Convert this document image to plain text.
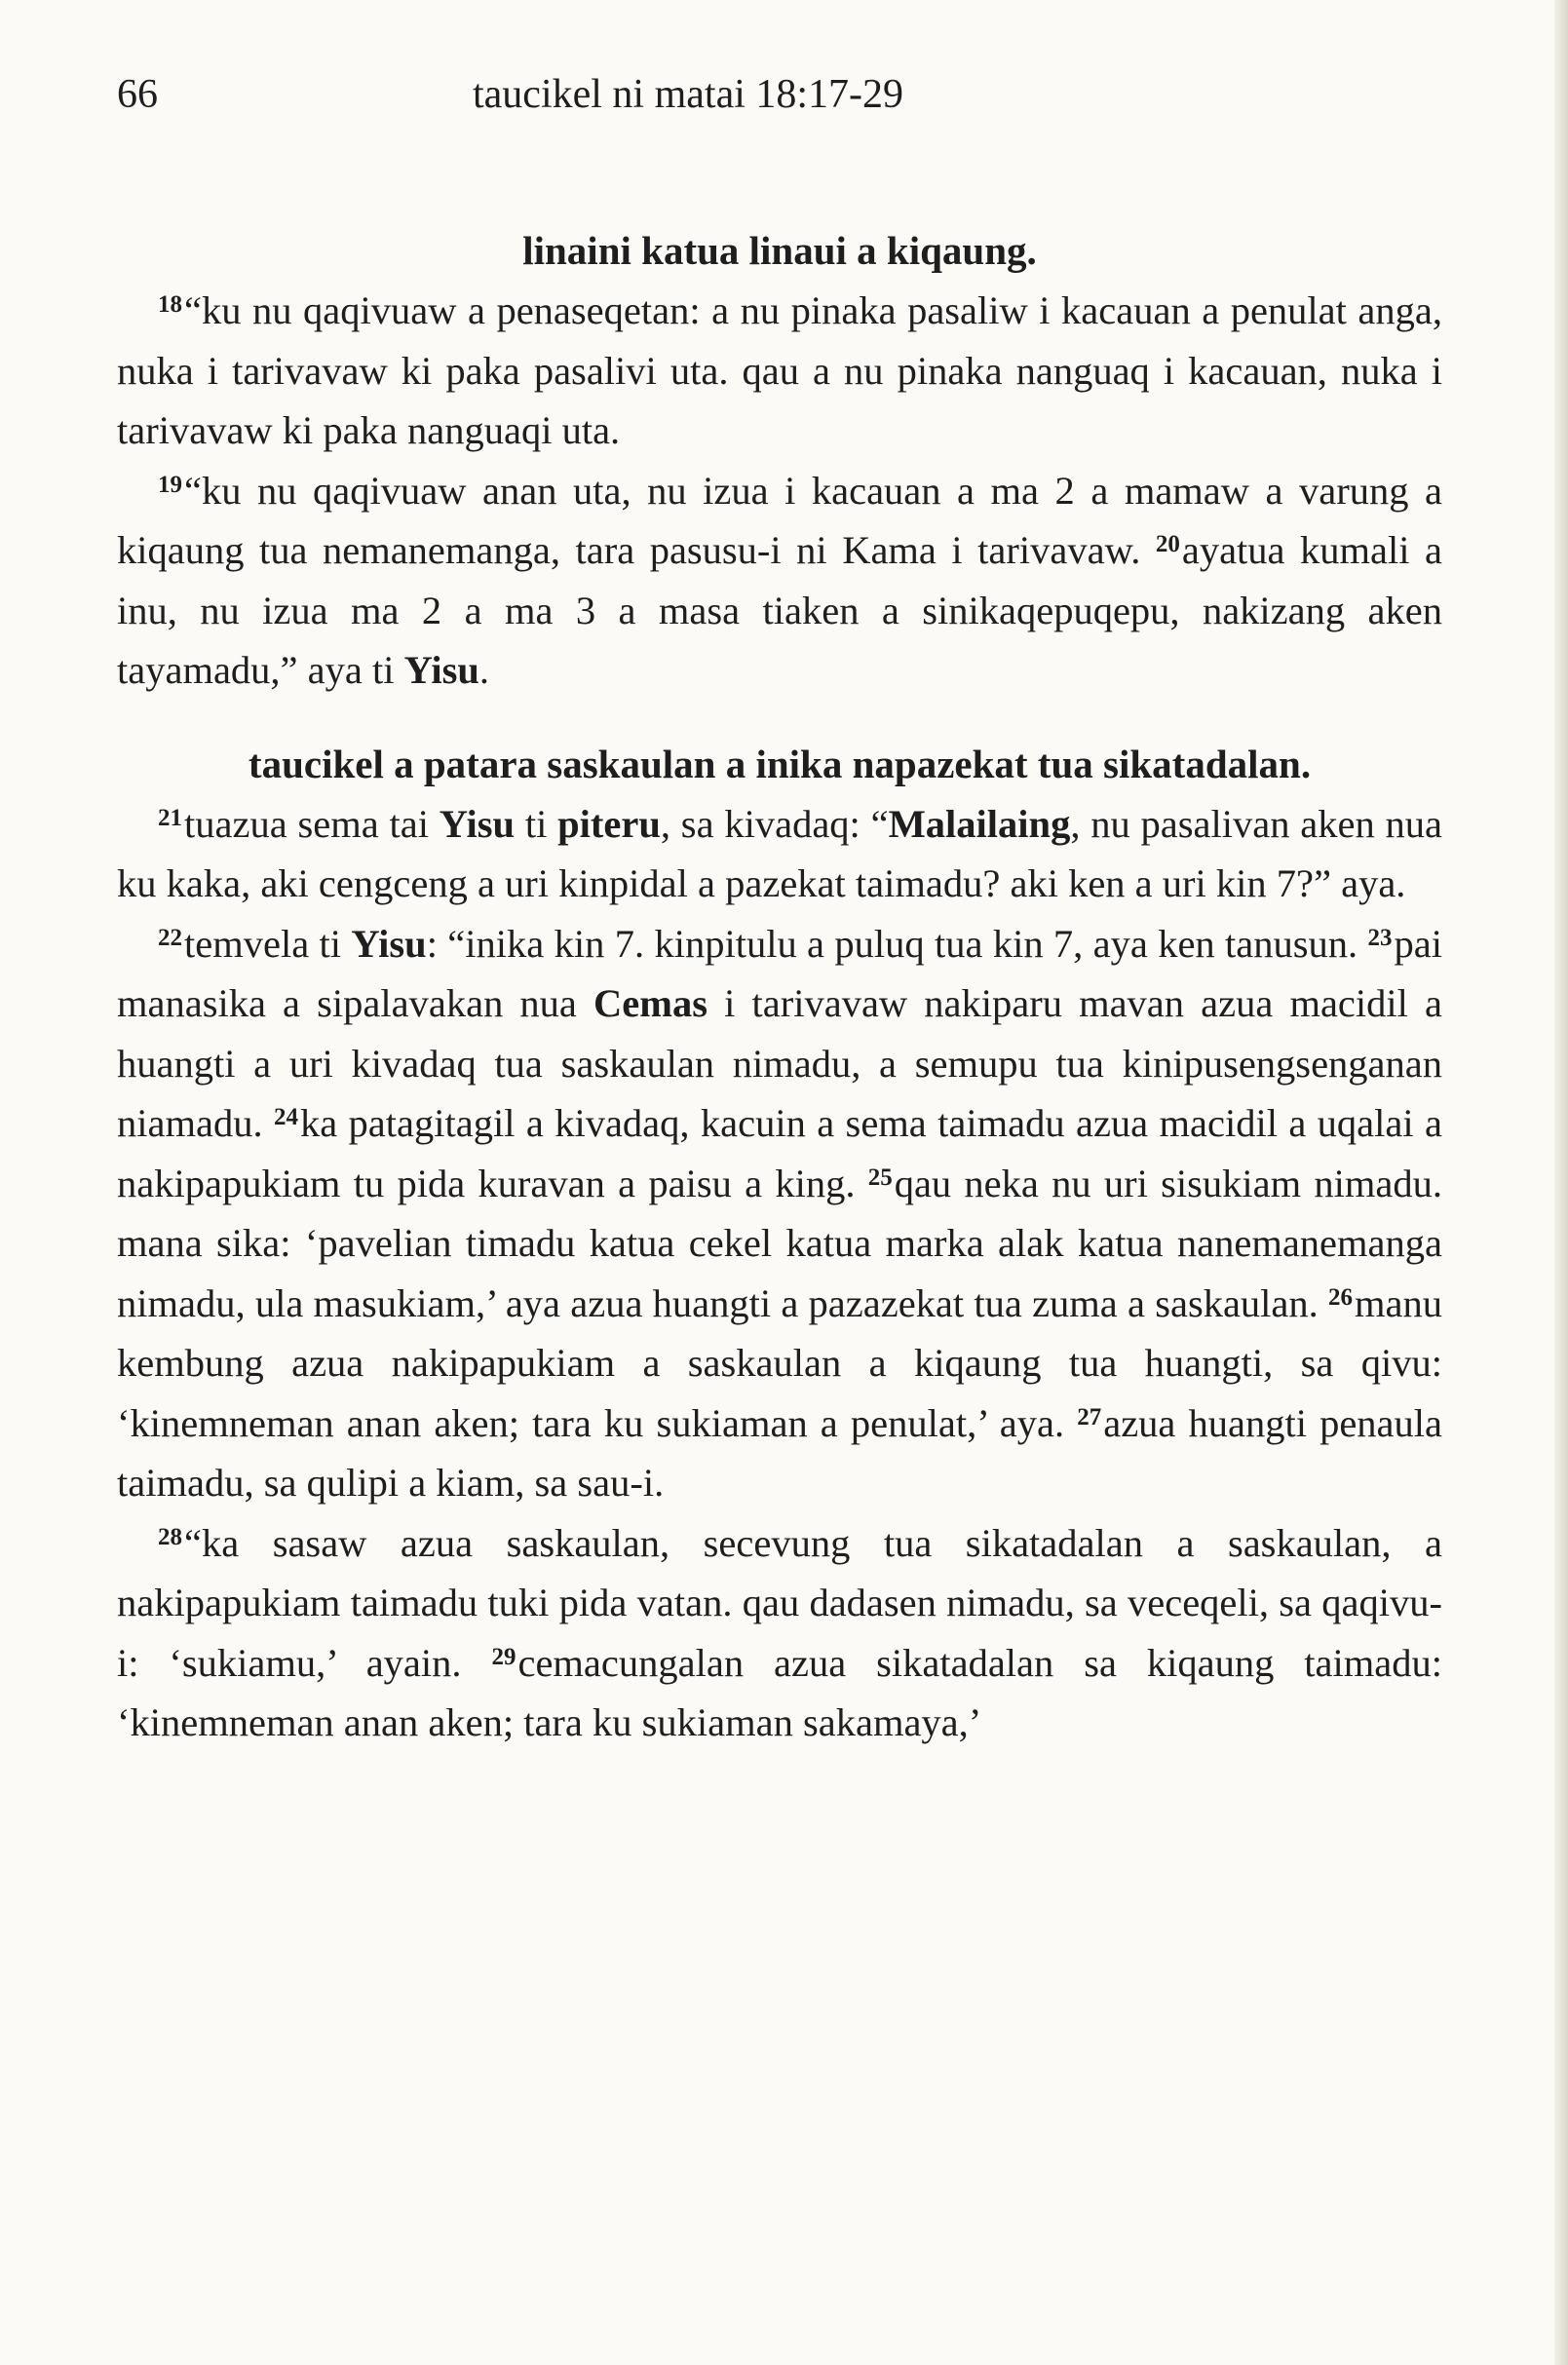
66	taucikel ni matai 18:17-29
linaini katua linaui a kiqaung.

$^{18}$“ku nu qaqivuaw a penaseqetan: a nu pinaka pasaliw i kacauan a penulat anga, nuka i tarivavaw ki paka pasalivi uta. qau a nu pinaka nanguaq i kacauan, nuka i tarivavaw ki paka nanguaqi uta.

$^{19}$“ku nu qaqivuaw anan uta, nu izua i kacauan a ma 2 a mamaw a varung a kiqaung tua nemanemanga, tara pasusu-i ni Kama i tarivavaw. $^{20}$ayatua kumali a inu, nu izua ma 2 a ma 3 a masa tiaken a sinikaqepuqepu, nakizang aken tayamadu,” aya ti Yisu.

taucikel a patara saskaulan a inika napazekat tua sikatadalan.

$^{21}$tuazua sema tai Yisu ti piteru, sa kivadaq: “Malailaing, nu pasalivan aken nua ku kaka, aki cengceng a uri kinpidal a pazekat taimadu? aki ken a uri kin 7?” aya.

$^{22}$temvela ti Yisu: “inika kin 7. kinpitulu a puluq tua kin 7, aya ken tanusun. $^{23}$pai manasika a sipalavakan nua Cemas i tarivavaw nakiparu mavan azua macidil a huangti a uri kivadaq tua saskaulan nimadu, a semupu tua kinipusengsenganan niamadu. $^{24}$ka patagitagil a kivadaq, kacuin a sema taimadu azua macidil a uqalai a nakipapukiam tu pida kuravan a paisu a king. $^{25}$qau neka nu uri sisukiam nimadu. mana sika: ‘pavelian timadu katua cekel katua marka alak katua nanemanemanga nimadu, ula masukiam,’ aya azua huangti a pazazekat tua zuma a saskaulan. $^{26}$manu kembung azua nakipapukiam a saskaulan a kiqaung tua huangti, sa qivu: ‘kinemneman anan aken; tara ku sukiaman a penulat,’ aya. $^{27}$azua huangti penaula taimadu, sa qulipi a kiam, sa sau-i.

$^{28}$“ka sasaw azua saskaulan, secevung tua sikatadalan a saskaulan, a nakipapukiam taimadu tuki pida vatan. qau dadasen nimadu, sa veceqeli, sa qaqivu-i: ‘sukiamu,’ ayain. $^{29}$cemacungalan azua sikatadalan sa kiqaung taimadu: ‘kinemneman anan aken; tara ku sukiaman sakamaya,’
